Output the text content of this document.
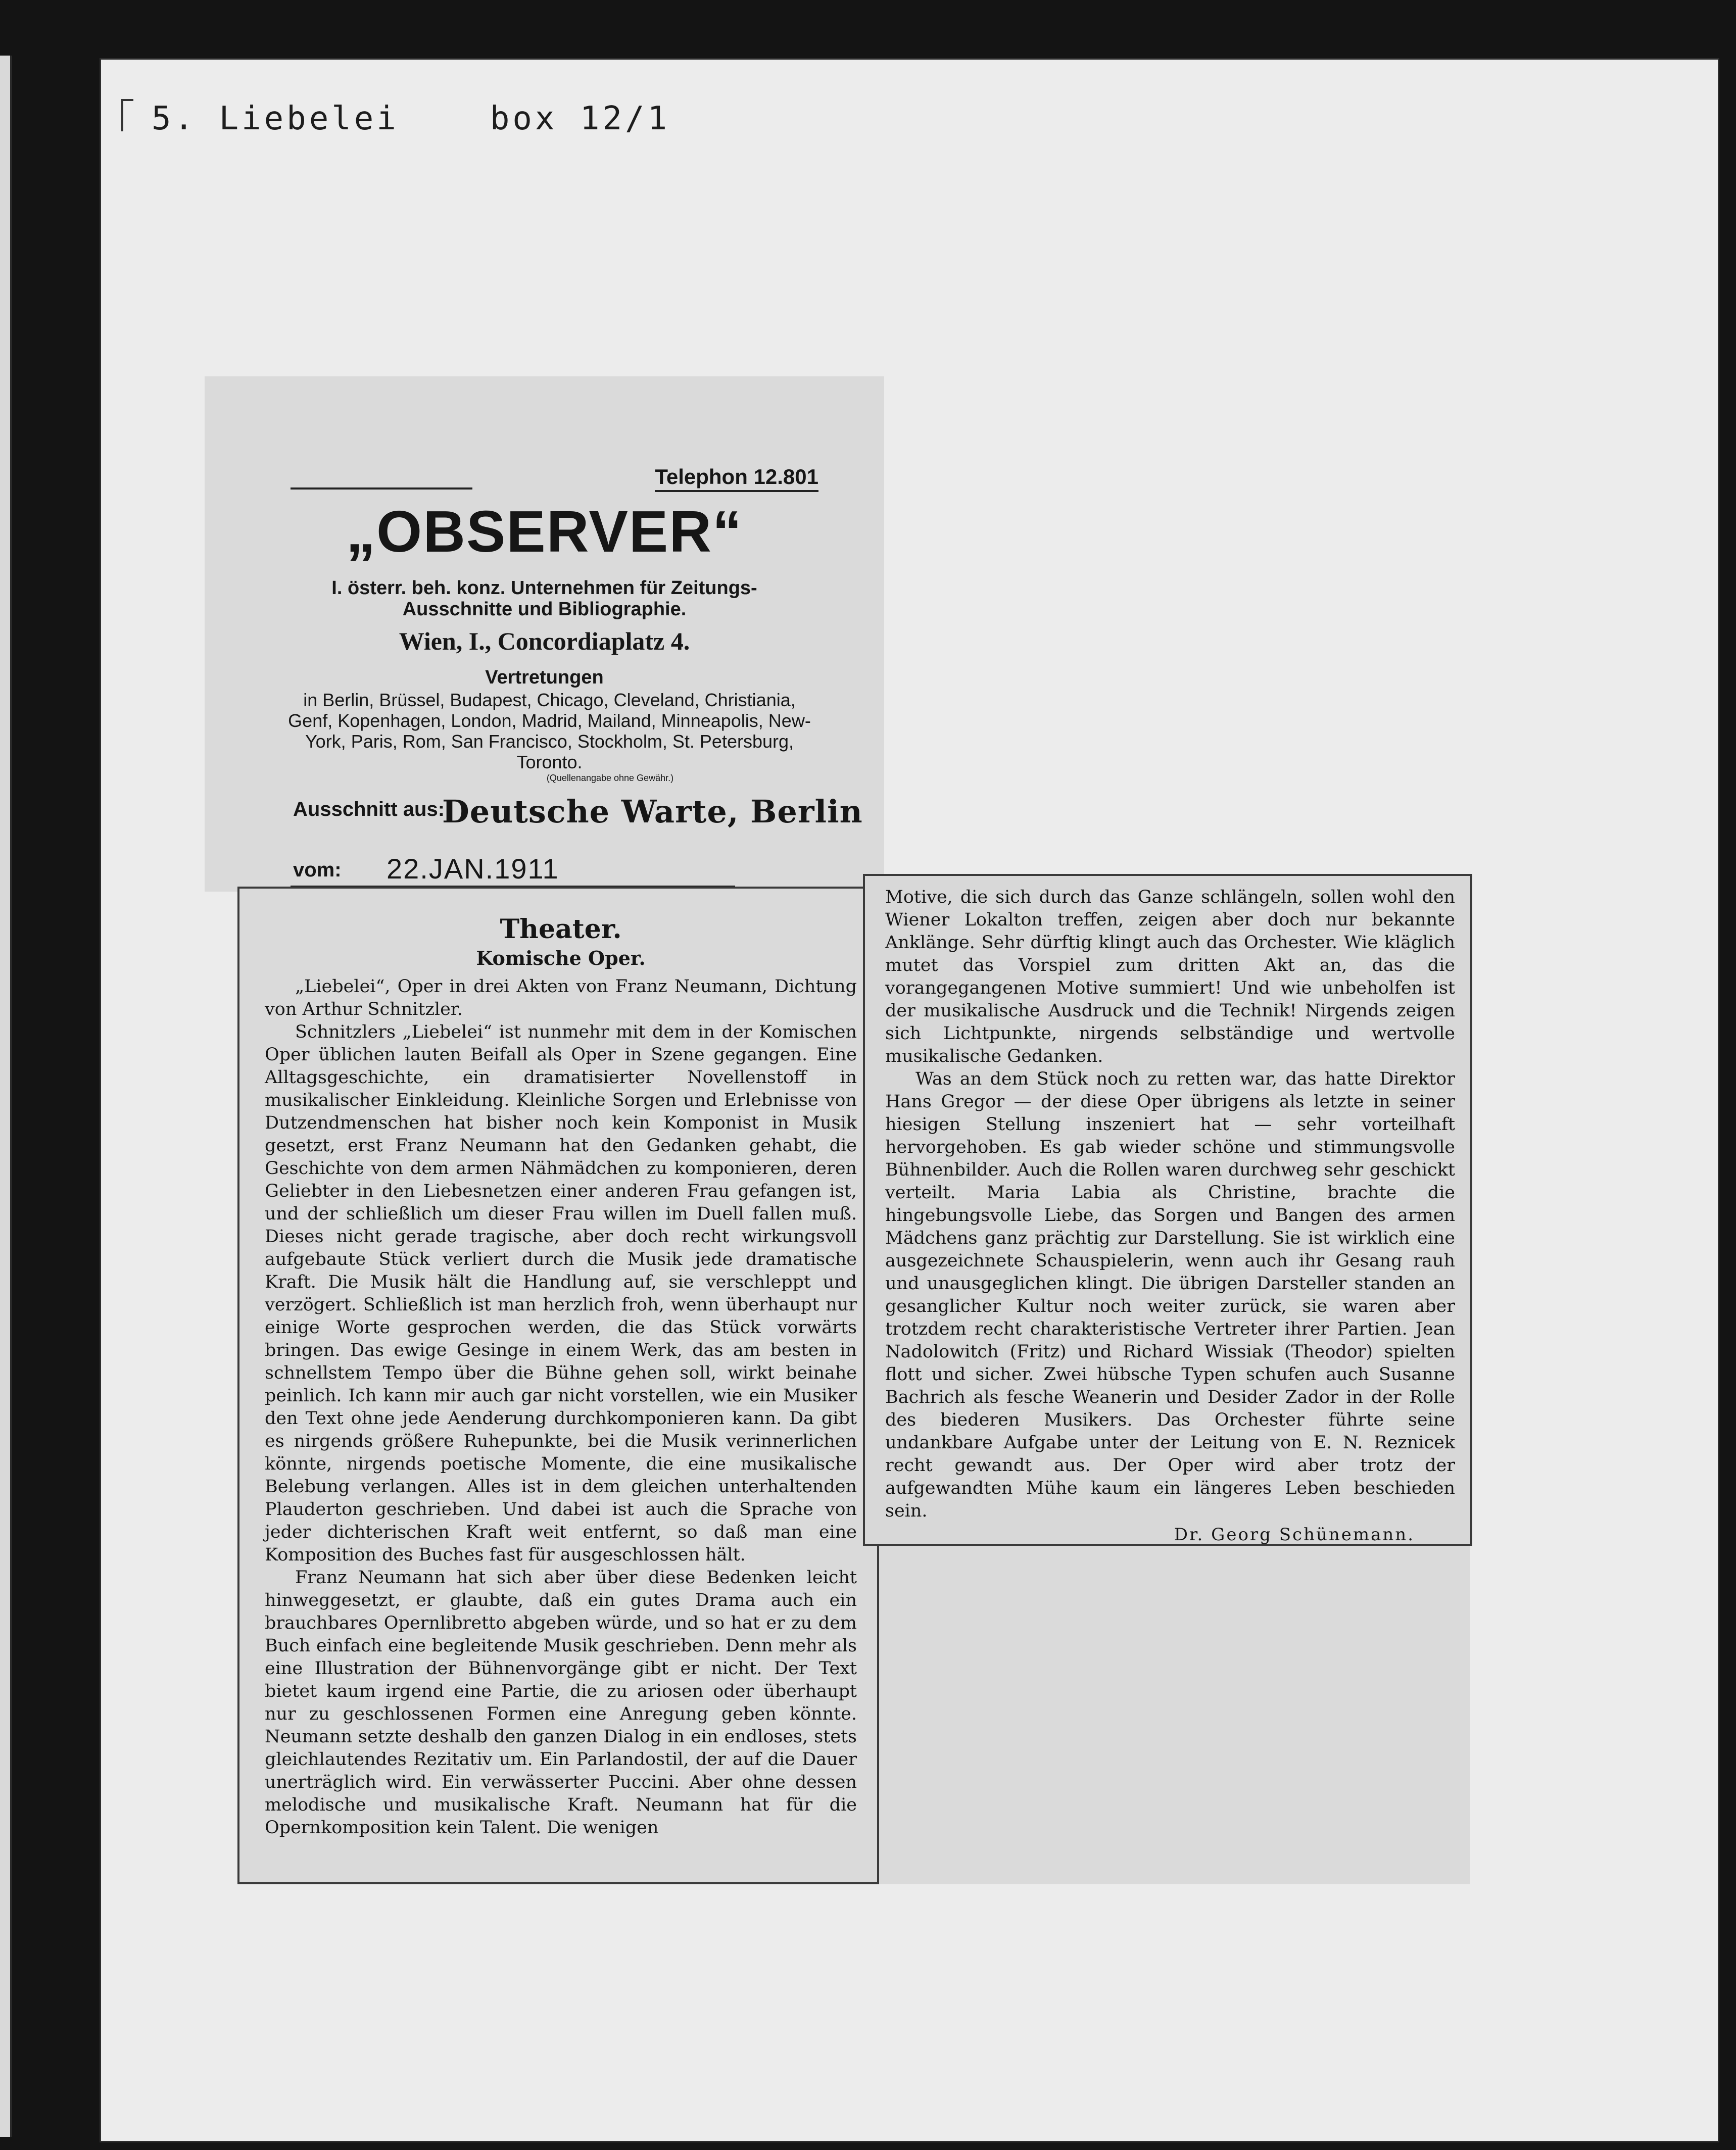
5. Liebelei	box 12/1
Telephon 12.801
„OBSERVER“
I. österr. beh. konz. Unternehmen für Zeitungs-
Ausschnitte und Bibliographie.
Wien, I., Concordiaplatz 4.
Vertretungen
in Berlin, Brüssel, Budapest, Chicago, Cleveland, Christiania, Genf, Kopenhagen, London, Madrid, Mailand, Minneapolis, New-York, Paris, Rom, San Francisco, Stockholm, St. Petersburg, Toronto.
(Quellenangabe ohne Gewähr.)
Ausschnitt aus:
Deutsche Warte, Berlin
vom: 22.JAN.1911
Theater.
Komische Oper.

„Liebelei“, Oper in drei Akten von Franz Neumann, Dichtung von Arthur Schnitzler.

Schnitzlers „Liebelei“ ist nunmehr mit dem in der Komischen Oper üblichen lauten Beifall als Oper in Szene gegangen. Eine Alltagsgeschichte, ein dramatisierter Novellenstoff in musikalischer Einkleidung. Kleinliche Sorgen und Erlebnisse von Dutzendmenschen hat bisher noch kein Komponist in Musik gesetzt, erst Franz Neumann hat den Gedanken gehabt, die Geschichte von dem armen Nähmädchen zu komponieren, deren Geliebter in den Liebesnetzen einer anderen Frau gefangen ist, und der schließlich um dieser Frau willen im Duell fallen muß. Dieses nicht gerade tragische, aber doch recht wirkungsvoll aufgebaute Stück verliert durch die Musik jede dramatische Kraft. Die Musik hält die Handlung auf, sie verschleppt und verzögert. Schließlich ist man herzlich froh, wenn überhaupt nur einige Worte gesprochen werden, die das Stück vorwärts bringen. Das ewige Gesinge in einem Werk, das am besten in schnellstem Tempo über die Bühne gehen soll, wirkt beinahe peinlich. Ich kann mir auch gar nicht vorstellen, wie ein Musiker den Text ohne jede Aenderung durchkomponieren kann. Da gibt es nirgends größere Ruhepunkte, bei die Musik verinnerlichen könnte, nirgends poetische Momente, die eine musikalische Belebung verlangen. Alles ist in dem gleichen unterhaltenden Plauderton geschrieben. Und dabei ist auch die Sprache von jeder dichterischen Kraft weit entfernt, so daß man eine Komposition des Buches fast für ausgeschlossen hält.

Franz Neumann hat sich aber über diese Bedenken leicht hinweggesetzt, er glaubte, daß ein gutes Drama auch ein brauchbares Opernlibretto abgeben würde, und so hat er zu dem Buch einfach eine begleitende Musik geschrieben. Denn mehr als eine Illustration der Bühnenvorgänge gibt er nicht. Der Text bietet kaum irgend eine Partie, die zu ariosen oder überhaupt nur zu geschlossenen Formen eine Anregung geben könnte. Neumann setzte deshalb den ganzen Dialog in ein endloses, stets gleichlautendes Rezitativ um. Ein Parlandostil, der auf die Dauer unerträglich wird. Ein verwässerter Puccini. Aber ohne dessen melodische und musikalische Kraft. Neumann hat für die Opernkomposition kein Talent. Die wenigen

Motive, die sich durch das Ganze schlängeln, sollen wohl den Wiener Lokalton treffen, zeigen aber doch nur bekannte Anklänge. Sehr dürftig klingt auch das Orchester. Wie kläglich mutet das Vorspiel zum dritten Akt an, das die vorangegangenen Motive summiert! Und wie unbeholfen ist der musikalische Ausdruck und die Technik! Nirgends zeigen sich Lichtpunkte, nirgends selbständige und wertvolle musikalische Gedanken.

Was an dem Stück noch zu retten war, das hatte Direktor Hans Gregor — der diese Oper übrigens als letzte in seiner hiesigen Stellung inszeniert hat — sehr vorteilhaft hervorgehoben. Es gab wieder schöne und stimmungsvolle Bühnenbilder. Auch die Rollen waren durchweg sehr geschickt verteilt. Maria Labia als Christine, brachte die hingebungsvolle Liebe, das Sorgen und Bangen des armen Mädchens ganz prächtig zur Darstellung. Sie ist wirklich eine ausgezeichnete Schauspielerin, wenn auch ihr Gesang rauh und unausgeglichen klingt. Die übrigen Darsteller standen an gesanglicher Kultur noch weiter zurück, sie waren aber trotzdem recht charakteristische Vertreter ihrer Partien. Jean Nadolowitch (Fritz) und Richard Wissiak (Theodor) spielten flott und sicher. Zwei hübsche Typen schufen auch Susanne Bachrich als fesche Weanerin und Desider Zador in der Rolle des biederen Musikers. Das Orchester führte seine undankbare Aufgabe unter der Leitung von E. N. Reznicek recht gewandt aus. Der Oper wird aber trotz der aufgewandten Mühe kaum ein längeres Leben beschieden sein.

Dr. Georg Schünemann.
